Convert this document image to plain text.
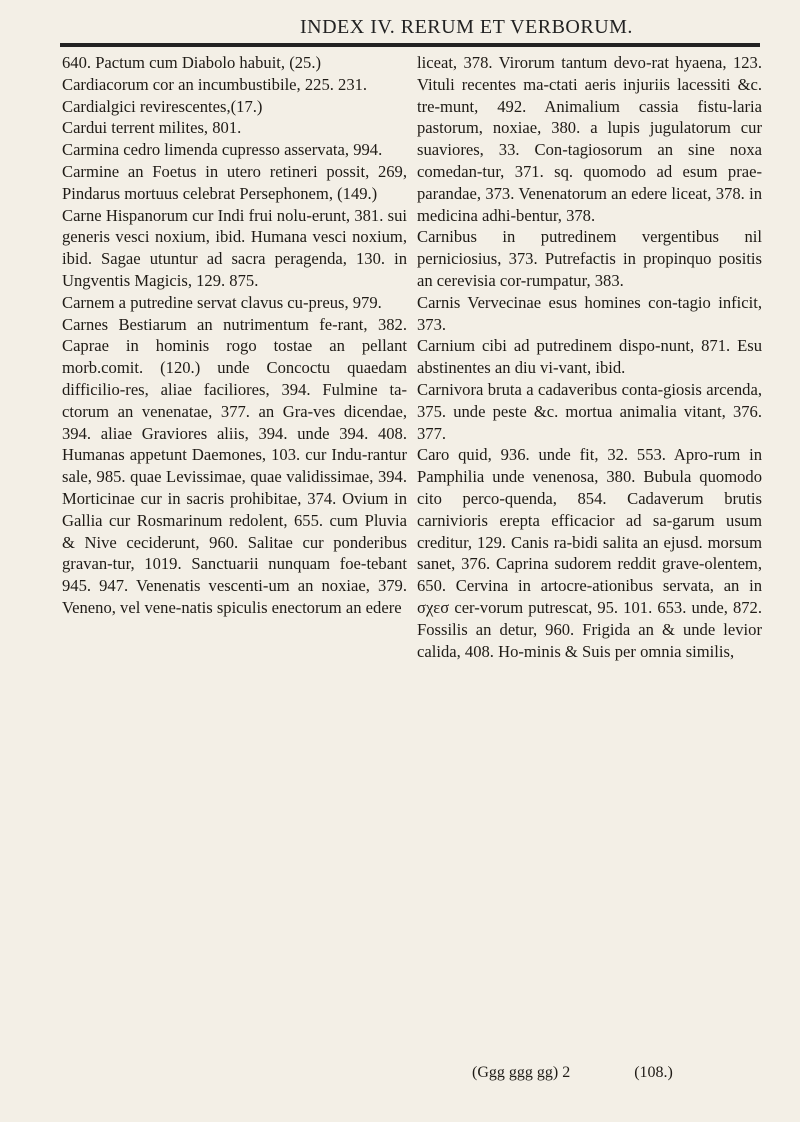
INDEX IV. RERUM ET VERBORUM.

640. Pactum cum Diabolo habuit, (25.)

Cardiacorum cor an incumbustibile, 225. 231.

Cardialgici revirescentes,(17.)

Cardui terrent milites, 801.

Carmina cedro limenda cupresso asservata, 994.

Carmine an Foetus in utero retineri possit, 269, Pindarus mortuus celebrat Persephonem, (149.)

Carne Hispanorum cur Indi frui nolu-erunt, 381. sui generis vesci noxium, ibid. Humana vesci noxium, ibid. Sagae utuntur ad sacra peragenda, 130. in Ungventis Magicis, 129. 875.

Carnem a putredine servat clavus cu-preus, 979.

Carnes Bestiarum an nutrimentum fe-rant, 382. Caprae in hominis rogo tostae an pellant morb.comit. (120.) unde Concoctu quaedam difficilio-res, aliae faciliores, 394. Fulmine ta-ctorum an venenatae, 377. an Gra-ves dicendae, 394. aliae Graviores aliis, 394. unde 394. 408. Humanas appetunt Daemones, 103. cur Indu-rantur sale, 985. quae Levissimae, quae validissimae, 394. Morticinae cur in sacris prohibitae, 374. Ovium in Gallia cur Rosmarinum redolent, 655. cum Pluvia & Nive ceciderunt, 960. Salitae cur ponderibus gravan-tur, 1019. Sanctuarii nunquam foe-tebant 945. 947. Venenatis vescenti-um an noxiae, 379. Veneno, vel vene-natis spiculis enectorum an edere

liceat, 378. Virorum tantum devo-rat hyaena, 123. Vituli recentes ma-ctati aeris injuriis lacessiti &c. tre-munt, 492. Animalium cassia fistu-laria pastorum, noxiae, 380. a lupis jugulatorum cur suaviores, 33. Con-tagiosorum an sine noxa comedan-tur, 371. sq. quomodo ad esum prae-parandae, 373. Venenatorum an edere liceat, 378. in medicina adhi-bentur, 378.

Carnibus in putredinem vergentibus nil perniciosius, 373. Putrefactis in propinquo positis an cerevisia cor-rumpatur, 383.

Carnis Vervecinae esus homines con-tagio inficit, 373.

Carnium cibi ad putredinem dispo-nunt, 871. Esu abstinentes an diu vi-vant, ibid.

Carnivora bruta a cadaveribus conta-giosis arcenda, 375. unde peste &c. mortua animalia vitant, 376. 377.

Caro quid, 936. unde fit, 32. 553. Apro-rum in Pamphilia unde venenosa, 380. Bubula quomodo cito perco-quenda, 854. Cadaverum brutis carnivioris erepta efficacior ad sa-garum usum creditur, 129. Canis ra-bidi salita an ejusd. morsum sanet, 376. Caprina sudorem reddit grave-olentem, 650. Cervina in artocre-ationibus servata, an in σχεσ cer-vorum putrescat, 95. 101. 653. unde, 872. Fossilis an detur, 960. Frigida an & unde levior calida, 408. Ho-minis & Suis per omnia similis,

(Ggg ggg gg) 2	(108.)
